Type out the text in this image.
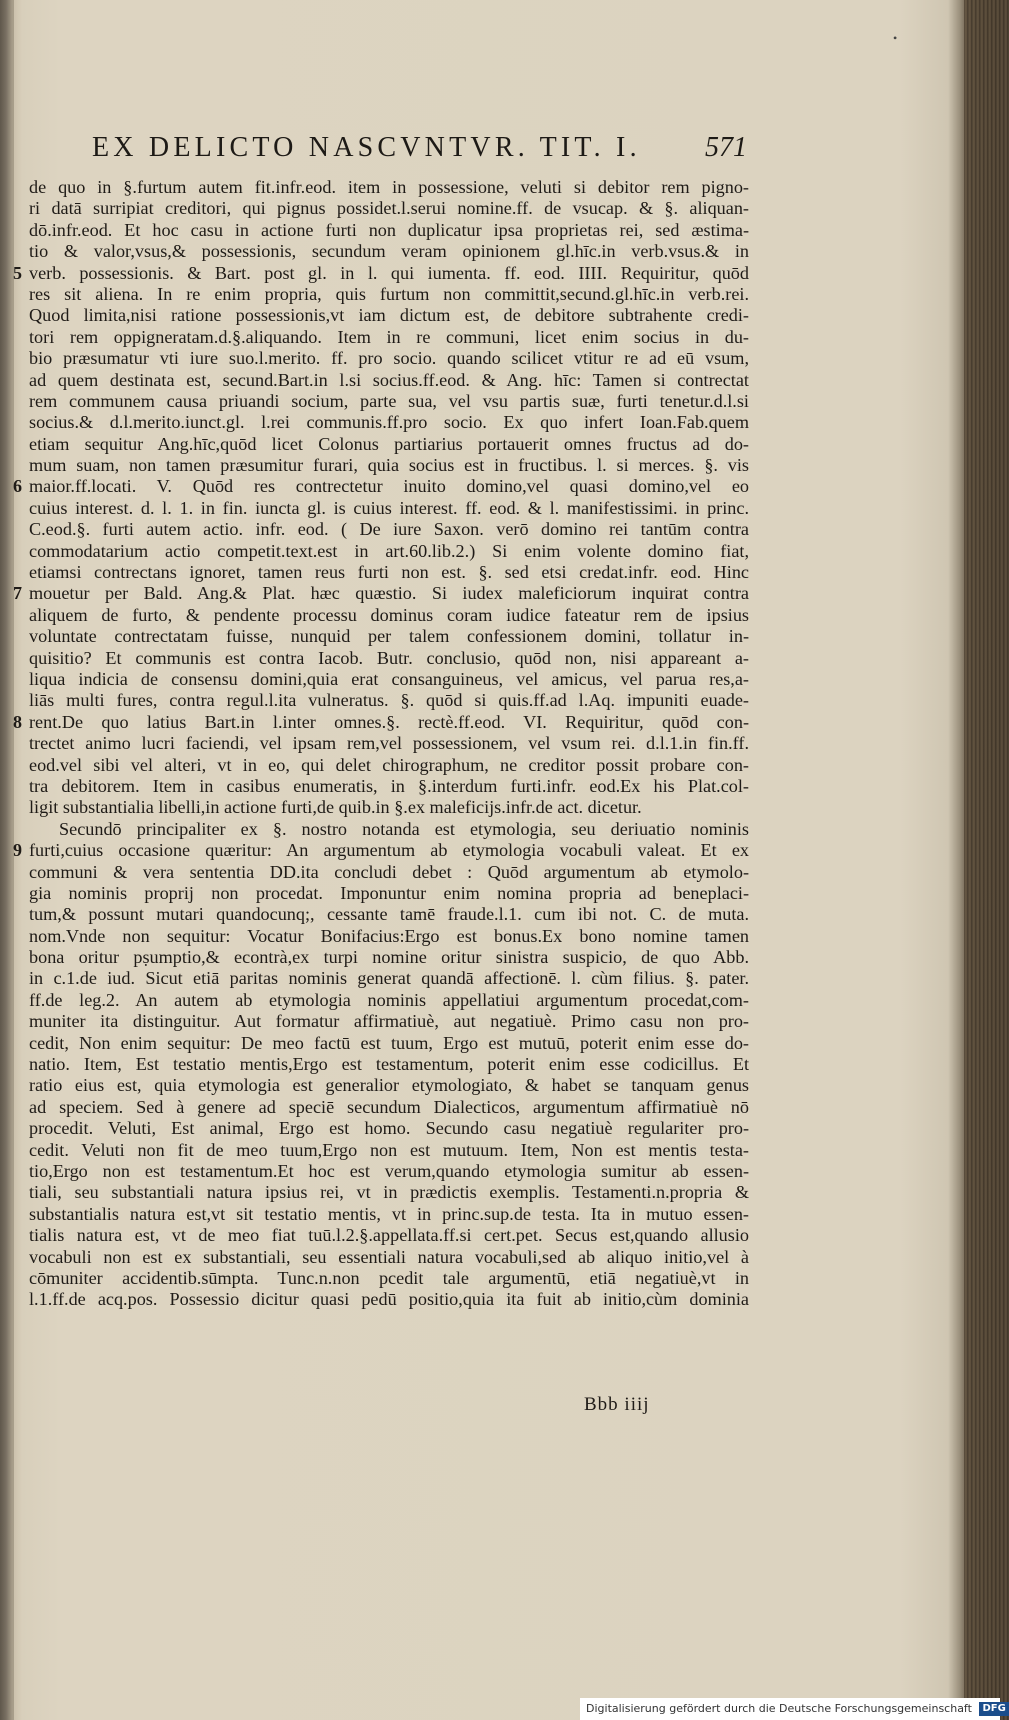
•
EX DELICTO NASCVNTVR. TIT. I.	571
de quo in §.furtum autem fit.infr.eod. item in possessione, veluti si debitor rem pigno-
ri datā surripiat creditori, qui pignus possidet.l.serui nomine.ff. de vsucap. & §. aliquan-
dō.infr.eod. Et hoc casu in actione furti non duplicatur ipsa proprietas rei, sed æstima-
tio & valor,vsus,& possessionis, secundum veram opinionem gl.hīc.in verb.vsus.& in
5 verb. possessionis. & Bart. post gl. in l. qui iumenta. ff. eod. IIII. Requiritur, quōd
res sit aliena. In re enim propria, quis furtum non committit,secund.gl.hīc.in verb.rei.
Quod limita,nisi ratione possessionis,vt iam dictum est, de debitore subtrahente credi-
tori rem oppigneratam.d.§.aliquando. Item in re communi, licet enim socius in du-
bio præsumatur vti iure suo.l.merito. ff. pro socio. quando scilicet vtitur re ad eū vsum,
ad quem destinata est, secund.Bart.in l.si socius.ff.eod. & Ang. hīc: Tamen si contrectat
rem communem causa priuandi socium, parte sua, vel vsu partis suæ, furti tenetur.d.l.si
socius.& d.l.merito.iunct.gl. l.rei communis.ff.pro socio. Ex quo infert Ioan.Fab.quem
etiam sequitur Ang.hīc,quōd licet Colonus partiarius portauerit omnes fructus ad do-
mum suam, non tamen præsumitur furari, quia socius est in fructibus. l. si merces. §. vis
6 maior.ff.locati. V. Quōd res contrectetur inuito domino,vel quasi domino,vel eo
cuius interest. d. l. 1. in fin. iuncta gl. is cuius interest. ff. eod. & l. manifestissimi. in princ.
C.eod.§. furti autem actio. infr. eod. ( De iure Saxon. verō domino rei tantūm contra
commodatarium actio competit.text.est in art.60.lib.2.) Si enim volente domino fiat,
etiamsi contrectans ignoret, tamen reus furti non est. §. sed etsi credat.infr. eod. Hinc
7 mouetur per Bald. Ang.& Plat. hæc quæstio. Si iudex maleficiorum inquirat contra
aliquem de furto, & pendente processu dominus coram iudice fateatur rem de ipsius
voluntate contrectatam fuisse, nunquid per talem confessionem domini, tollatur in-
quisitio? Et communis est contra Iacob. Butr. conclusio, quōd non, nisi appareant a-
liqua indicia de consensu domini,quia erat consanguineus, vel amicus, vel parua res,a-
liās multi fures, contra regul.l.ita vulneratus. §. quōd si quis.ff.ad l.Aq. impuniti euade-
8 rent.De quo latius Bart.in l.inter omnes.§. rectè.ff.eod. VI. Requiritur, quōd con-
trectet animo lucri faciendi, vel ipsam rem,vel possessionem, vel vsum rei. d.l.1.in fin.ff.
eod.vel sibi vel alteri, vt in eo, qui delet chirographum, ne creditor possit probare con-
tra debitorem. Item in casibus enumeratis, in §.interdum furti.infr. eod.Ex his Plat.col-
ligit substantialia libelli,in actione furti,de quib.in §.ex maleficijs.infr.de act. dicetur.
Secundō principaliter ex §. nostro notanda est etymologia, seu deriuatio nominis
9 furti,cuius occasione quæritur: An argumentum ab etymologia vocabuli valeat. Et ex
communi & vera sententia DD.ita concludi debet : Quōd argumentum ab etymolo-
gia nominis proprij non procedat. Imponuntur enim nomina propria ad beneplaci-
tum,& possunt mutari quandocunq;, cessante tamē fraude.l.1. cum ibi not. C. de muta.
nom.Vnde non sequitur: Vocatur Bonifacius:Ergo est bonus.Ex bono nomine tamen
bona oritur pṣumptio,& econtrà,ex turpi nomine oritur sinistra suspicio, de quo Abb.
in c.1.de iud. Sicut etiā paritas nominis generat quandā affectionē. l. cùm filius. §. pater.
ff.de leg.2. An autem ab etymologia nominis appellatiui argumentum procedat,com-
muniter ita distinguitur. Aut formatur affirmatiuè, aut negatiuè. Primo casu non pro-
cedit, Non enim sequitur: De meo factū est tuum, Ergo est mutuū, poterit enim esse do-
natio. Item, Est testatio mentis,Ergo est testamentum, poterit enim esse codicillus. Et
ratio eius est, quia etymologia est generalior etymologiato, & habet se tanquam genus
ad speciem. Sed à genere ad speciē secundum Dialecticos, argumentum affirmatiuè nō
procedit. Veluti, Est animal, Ergo est homo. Secundo casu negatiuè regulariter pro-
cedit. Veluti non fit de meo tuum,Ergo non est mutuum. Item, Non est mentis testa-
tio,Ergo non est testamentum.Et hoc est verum,quando etymologia sumitur ab essen-
tiali, seu substantiali natura ipsius rei, vt in prædictis exemplis. Testamenti.n.propria &
substantialis natura est,vt sit testatio mentis, vt in princ.sup.de testa. Ita in mutuo essen-
tialis natura est, vt de meo fiat tuū.l.2.§.appellata.ff.si cert.pet. Secus est,quando allusio
vocabuli non est ex substantiali, seu essentiali natura vocabuli,sed ab aliquo initio,vel à
cōmuniter accidentib.sūmpta. Tunc.n.non pcedit tale argumentū, etiā negatiuè,vt in
l.1.ff.de acq.pos. Possessio dicitur quasi pedū positio,quia ita fuit ab initio,cùm dominia
Bbb iiij
Digitalisierung gefördert durch die Deutsche Forschungsgemeinschaft DFG
